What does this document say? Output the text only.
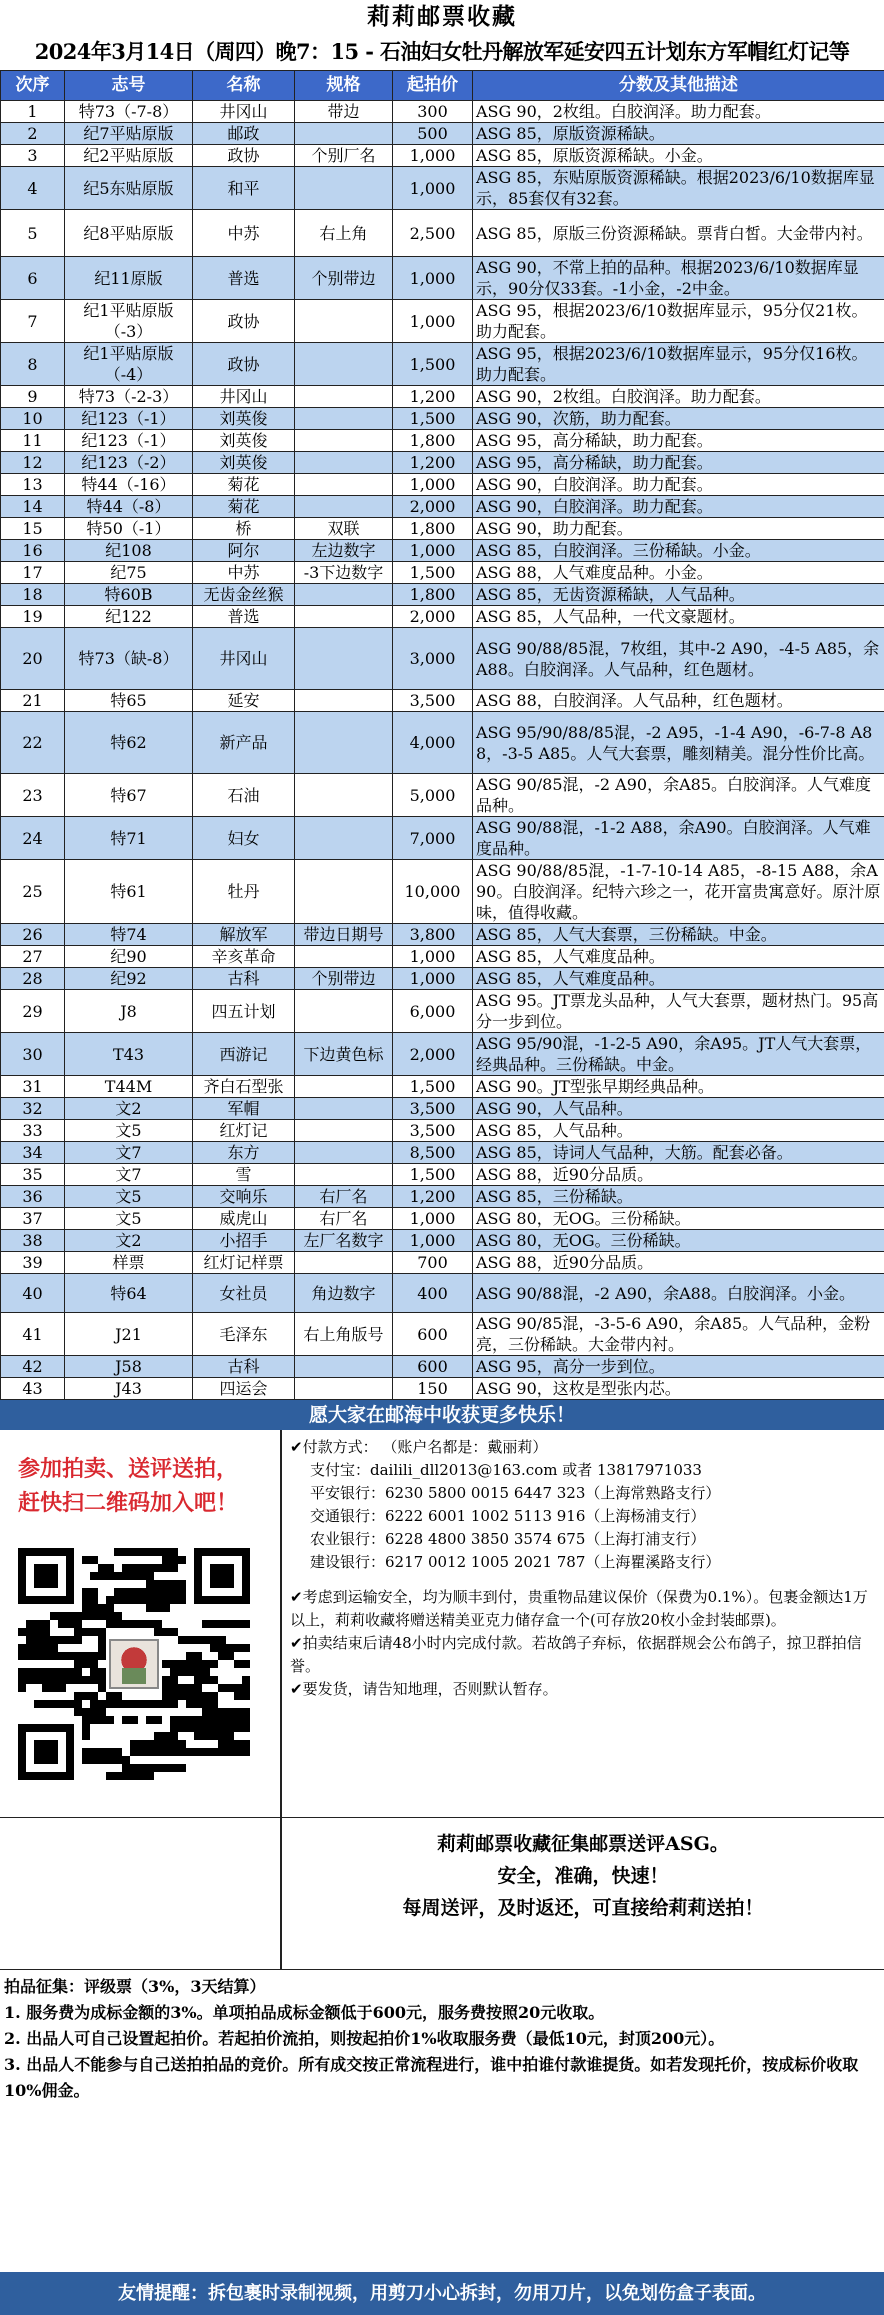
莉莉邮票收藏
2024年3月14日（周四）晚7：15 - 石油妇女牡丹解放军延安四五计划东方军帽红灯记等
次序	志号	名称	规格	起拍价	分数及其他描述
1	特73（-7-8）	井冈山	带边	300	ASG 90，2枚组。白胶润泽。助力配套。
2	纪7平贴原版	邮政		500	ASG 85，原版资源稀缺。
3	纪2平贴原版	政协	个别厂名	1,000	ASG 85，原版资源稀缺。小金。
4	纪5东贴原版	和平		1,000	ASG 85，东贴原版资源稀缺。根据2023/6/10数据库显示，85套仅有32套。
5	纪8平贴原版	中苏	右上角	2,500	ASG 85，原版三份资源稀缺。票背白皙。大金带内衬。
6	纪11原版	普选	个别带边	1,000	ASG 90，不常上拍的品种。根据2023/6/10数据库显示，90分仅33套。-1小金，-2中金。
7	纪1平贴原版（-3）	政协		1,000	ASG 95，根据2023/6/10数据库显示，95分仅21枚。助力配套。
8	纪1平贴原版（-4）	政协		1,500	ASG 95，根据2023/6/10数据库显示，95分仅16枚。助力配套。
9	特73（-2-3）	井冈山		1,200	ASG 90，2枚组。白胶润泽。助力配套。
10	纪123（-1）	刘英俊		1,500	ASG 90，次筋，助力配套。
11	纪123（-1）	刘英俊		1,800	ASG 95，高分稀缺，助力配套。
12	纪123（-2）	刘英俊		1,200	ASG 95，高分稀缺，助力配套。
13	特44（-16）	菊花		1,000	ASG 90，白胶润泽。助力配套。
14	特44（-8）	菊花		2,000	ASG 90，白胶润泽。助力配套。
15	特50（-1）	桥	双联	1,800	ASG 90，助力配套。
16	纪108	阿尔	左边数字	1,000	ASG 85，白胶润泽。三份稀缺。小金。
17	纪75	中苏	-3下边数字	1,500	ASG 88，人气难度品种。小金。
18	特60B	无齿金丝猴		1,800	ASG 85，无齿资源稀缺，人气品种。
19	纪122	普选		2,000	ASG 85，人气品种，一代文豪题材。
20	特73（缺-8）	井冈山		3,000	ASG 90/88/85混，7枚组，其中-2 A90，-4-5 A85，余A88。白胶润泽。人气品种，红色题材。
21	特65	延安		3,500	ASG 88，白胶润泽。人气品种，红色题材。
22	特62	新产品		4,000	ASG 95/90/88/85混，-2 A95，-1-4 A90，-6-7-8 A88，-3-5 A85。人气大套票，雕刻精美。混分性价比高。
23	特67	石油		5,000	ASG 90/85混，-2 A90，余A85。白胶润泽。人气难度品种。
24	特71	妇女		7,000	ASG 90/88混，-1-2 A88，余A90。白胶润泽。人气难度品种。
25	特61	牡丹		10,000	ASG 90/88/85混，-1-7-10-14 A85，-8-15 A88，余A90。白胶润泽。纪特六珍之一，花开富贵寓意好。原汁原味，值得收藏。
26	特74	解放军	带边日期号	3,800	ASG 85，人气大套票，三份稀缺。中金。
27	纪90	辛亥革命		1,000	ASG 85，人气难度品种。
28	纪92	古科	个别带边	1,000	ASG 85，人气难度品种。
29	J8	四五计划		6,000	ASG 95。JT票龙头品种，人气大套票，题材热门。95高分一步到位。
30	T43	西游记	下边黄色标	2,000	ASG 95/90混，-1-2-5 A90，余A95。JT人气大套票，经典品种。三份稀缺。中金。
31	T44M	齐白石型张		1,500	ASG 90。JT型张早期经典品种。
32	文2	军帽		3,500	ASG 90，人气品种。
33	文5	红灯记		3,500	ASG 85，人气品种。
34	文7	东方		8,500	ASG 85，诗词人气品种，大筋。配套必备。
35	文7	雪		1,500	ASG 88，近90分品质。
36	文5	交响乐	右厂名	1,200	ASG 85，三份稀缺。
37	文5	威虎山	右厂名	1,000	ASG 80，无OG。三份稀缺。
38	文2	小招手	左厂名数字	1,000	ASG 80，无OG。三份稀缺。
39	样票	红灯记样票		700	ASG 88，近90分品质。
40	特64	女社员	角边数字	400	ASG 90/88混，-2 A90，余A88。白胶润泽。小金。
41	J21	毛泽东	右上角版号	600	ASG 90/85混，-3-5-6 A90，余A85。人气品种，金粉亮，三份稀缺。大金带内衬。
42	J58	古科		600	ASG 95，高分一步到位。
43	J43	四运会		150	ASG 90，这枚是型张内芯。
愿大家在邮海中收获更多快乐！
参加拍卖、送评送拍，
赶快扫二维码加入吧！
✔付款方式： （账户名都是：戴丽莉）
支付宝：dailili_dll2013@163.com 或者 13817971033
平安银行：6230 5800 0015 6447 323（上海常熟路支行）
交通银行：6222 6001 1002 5113 916（上海杨浦支行）
农业银行：6228 4800 3850 3574 675（上海打浦支行）
建设银行：6217 0012 1005 2021 787（上海瞿溪路支行）
✔考虑到运输安全，均为顺丰到付，贵重物品建议保价（保费为0.1%）。包裹金额达1万以上，莉莉收藏将赠送精美亚克力储存盒一个(可存放20枚小金封装邮票)。
✔拍卖结束后请48小时内完成付款。若故鸽子弃标，依据群规会公布鸽子，掠卫群拍信誉。
✔要发货，请告知地理，否则默认暂存。
莉莉邮票收藏征集邮票送评ASG。
安全，准确，快速！
每周送评，及时返还，可直接给莉莉送拍！
拍品征集：评级票（3%，3天结算）
1. 服务费为成标金额的3%。单项拍品成标金额低于600元，服务费按照20元收取。
2. 出品人可自己设置起拍价。若起拍价流拍，则按起拍价1%收取服务费（最低10元，封顶200元）。
3. 出品人不能参与自己送拍拍品的竞价。所有成交按正常流程进行，谁中拍谁付款谁提货。如若发现托价，按成标价收取10%佣金。
友情提醒：拆包裹时录制视频，用剪刀小心拆封，勿用刀片，以免划伤盒子表面。
